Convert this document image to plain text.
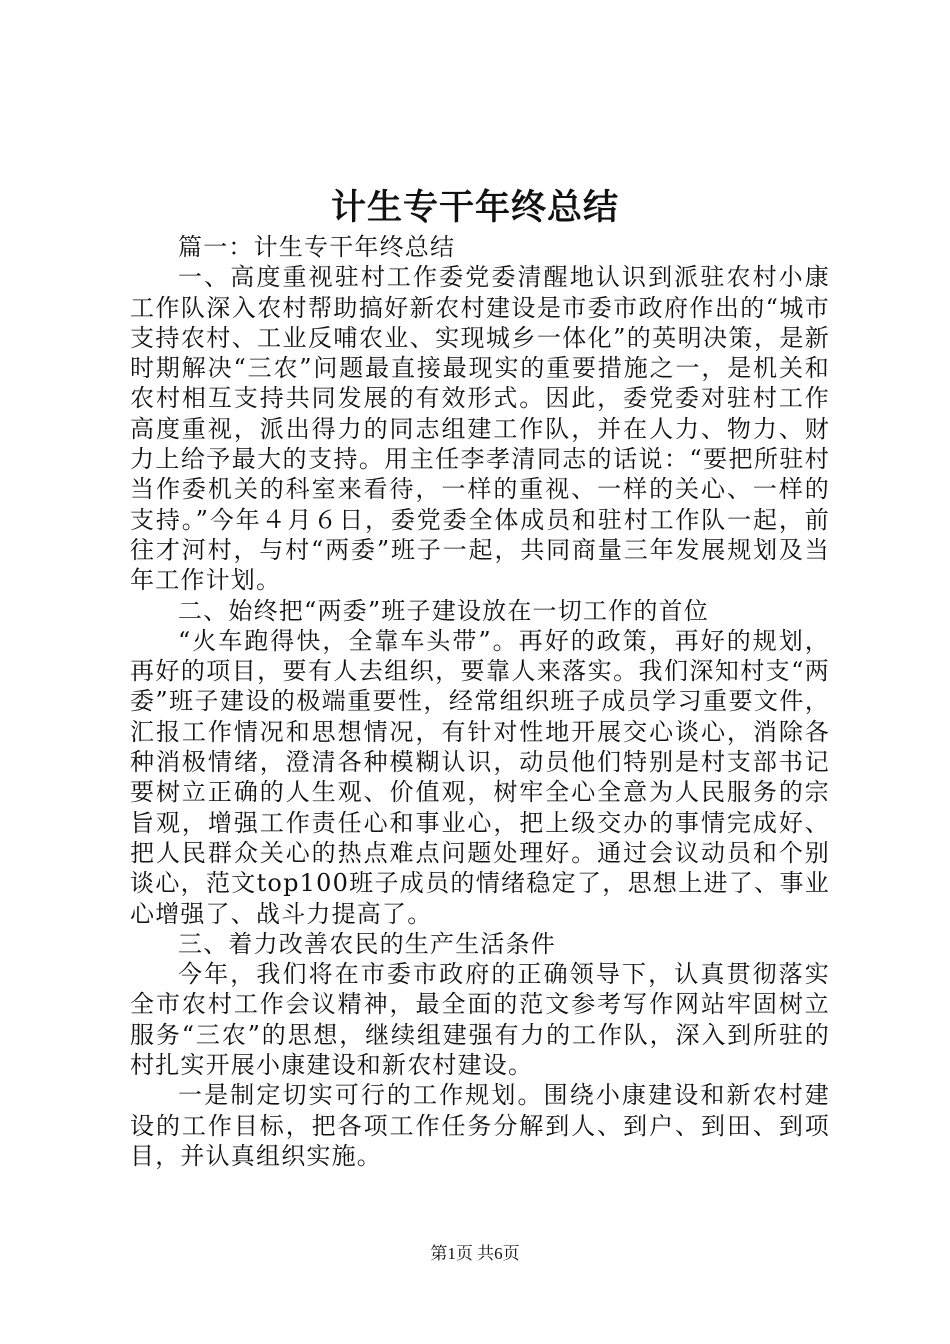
计生专干年终总结

篇一：计生专干年终总结

一、高度重视驻村工作委党委清醒地认识到派驻农村小康工作队深入农村帮助搞好新农村建设是市委市政府作出的“城市支持农村、工业反哺农业、实现城乡一体化”的英明决策，是新时期解决“三农”问题最直接最现实的重要措施之一，是机关和农村相互支持共同发展的有效形式。因此，委党委对驻村工作高度重视，派出得力的同志组建工作队，并在人力、物力、财力上给予最大的支持。用主任李孝清同志的话说：“要把所驻村当作委机关的科室来看待，一样的重视、一样的关心、一样的支持。”今年４月６日，委党委全体成员和驻村工作队一起，前往才河村，与村“两委”班子一起，共同商量三年发展规划及当年工作计划。

二、始终把“两委”班子建设放在一切工作的首位

“火车跑得快，全靠车头带”。再好的政策，再好的规划，再好的项目，要有人去组织，要靠人来落实。我们深知村支“两委”班子建设的极端重要性，经常组织班子成员学习重要文件，汇报工作情况和思想情况，有针对性地开展交心谈心，消除各种消极情绪，澄清各种模糊认识，动员他们特别是村支部书记要树立正确的人生观、价值观，树牢全心全意为人民服务的宗旨观，增强工作责任心和事业心，把上级交办的事情完成好、把人民群众关心的热点难点问题处理好。通过会议动员和个别谈心，范文top100班子成员的情绪稳定了，思想上进了、事业心增强了、战斗力提高了。

三、着力改善农民的生产生活条件

今年，我们将在市委市政府的正确领导下，认真贯彻落实全市农村工作会议精神，最全面的范文参考写作网站牢固树立服务“三农”的思想，继续组建强有力的工作队，深入到所驻的村扎实开展小康建设和新农村建设。

一是制定切实可行的工作规划。围绕小康建设和新农村建设的工作目标，把各项工作任务分解到人、到户、到田、到项目，并认真组织实施。

第1页 共6页
